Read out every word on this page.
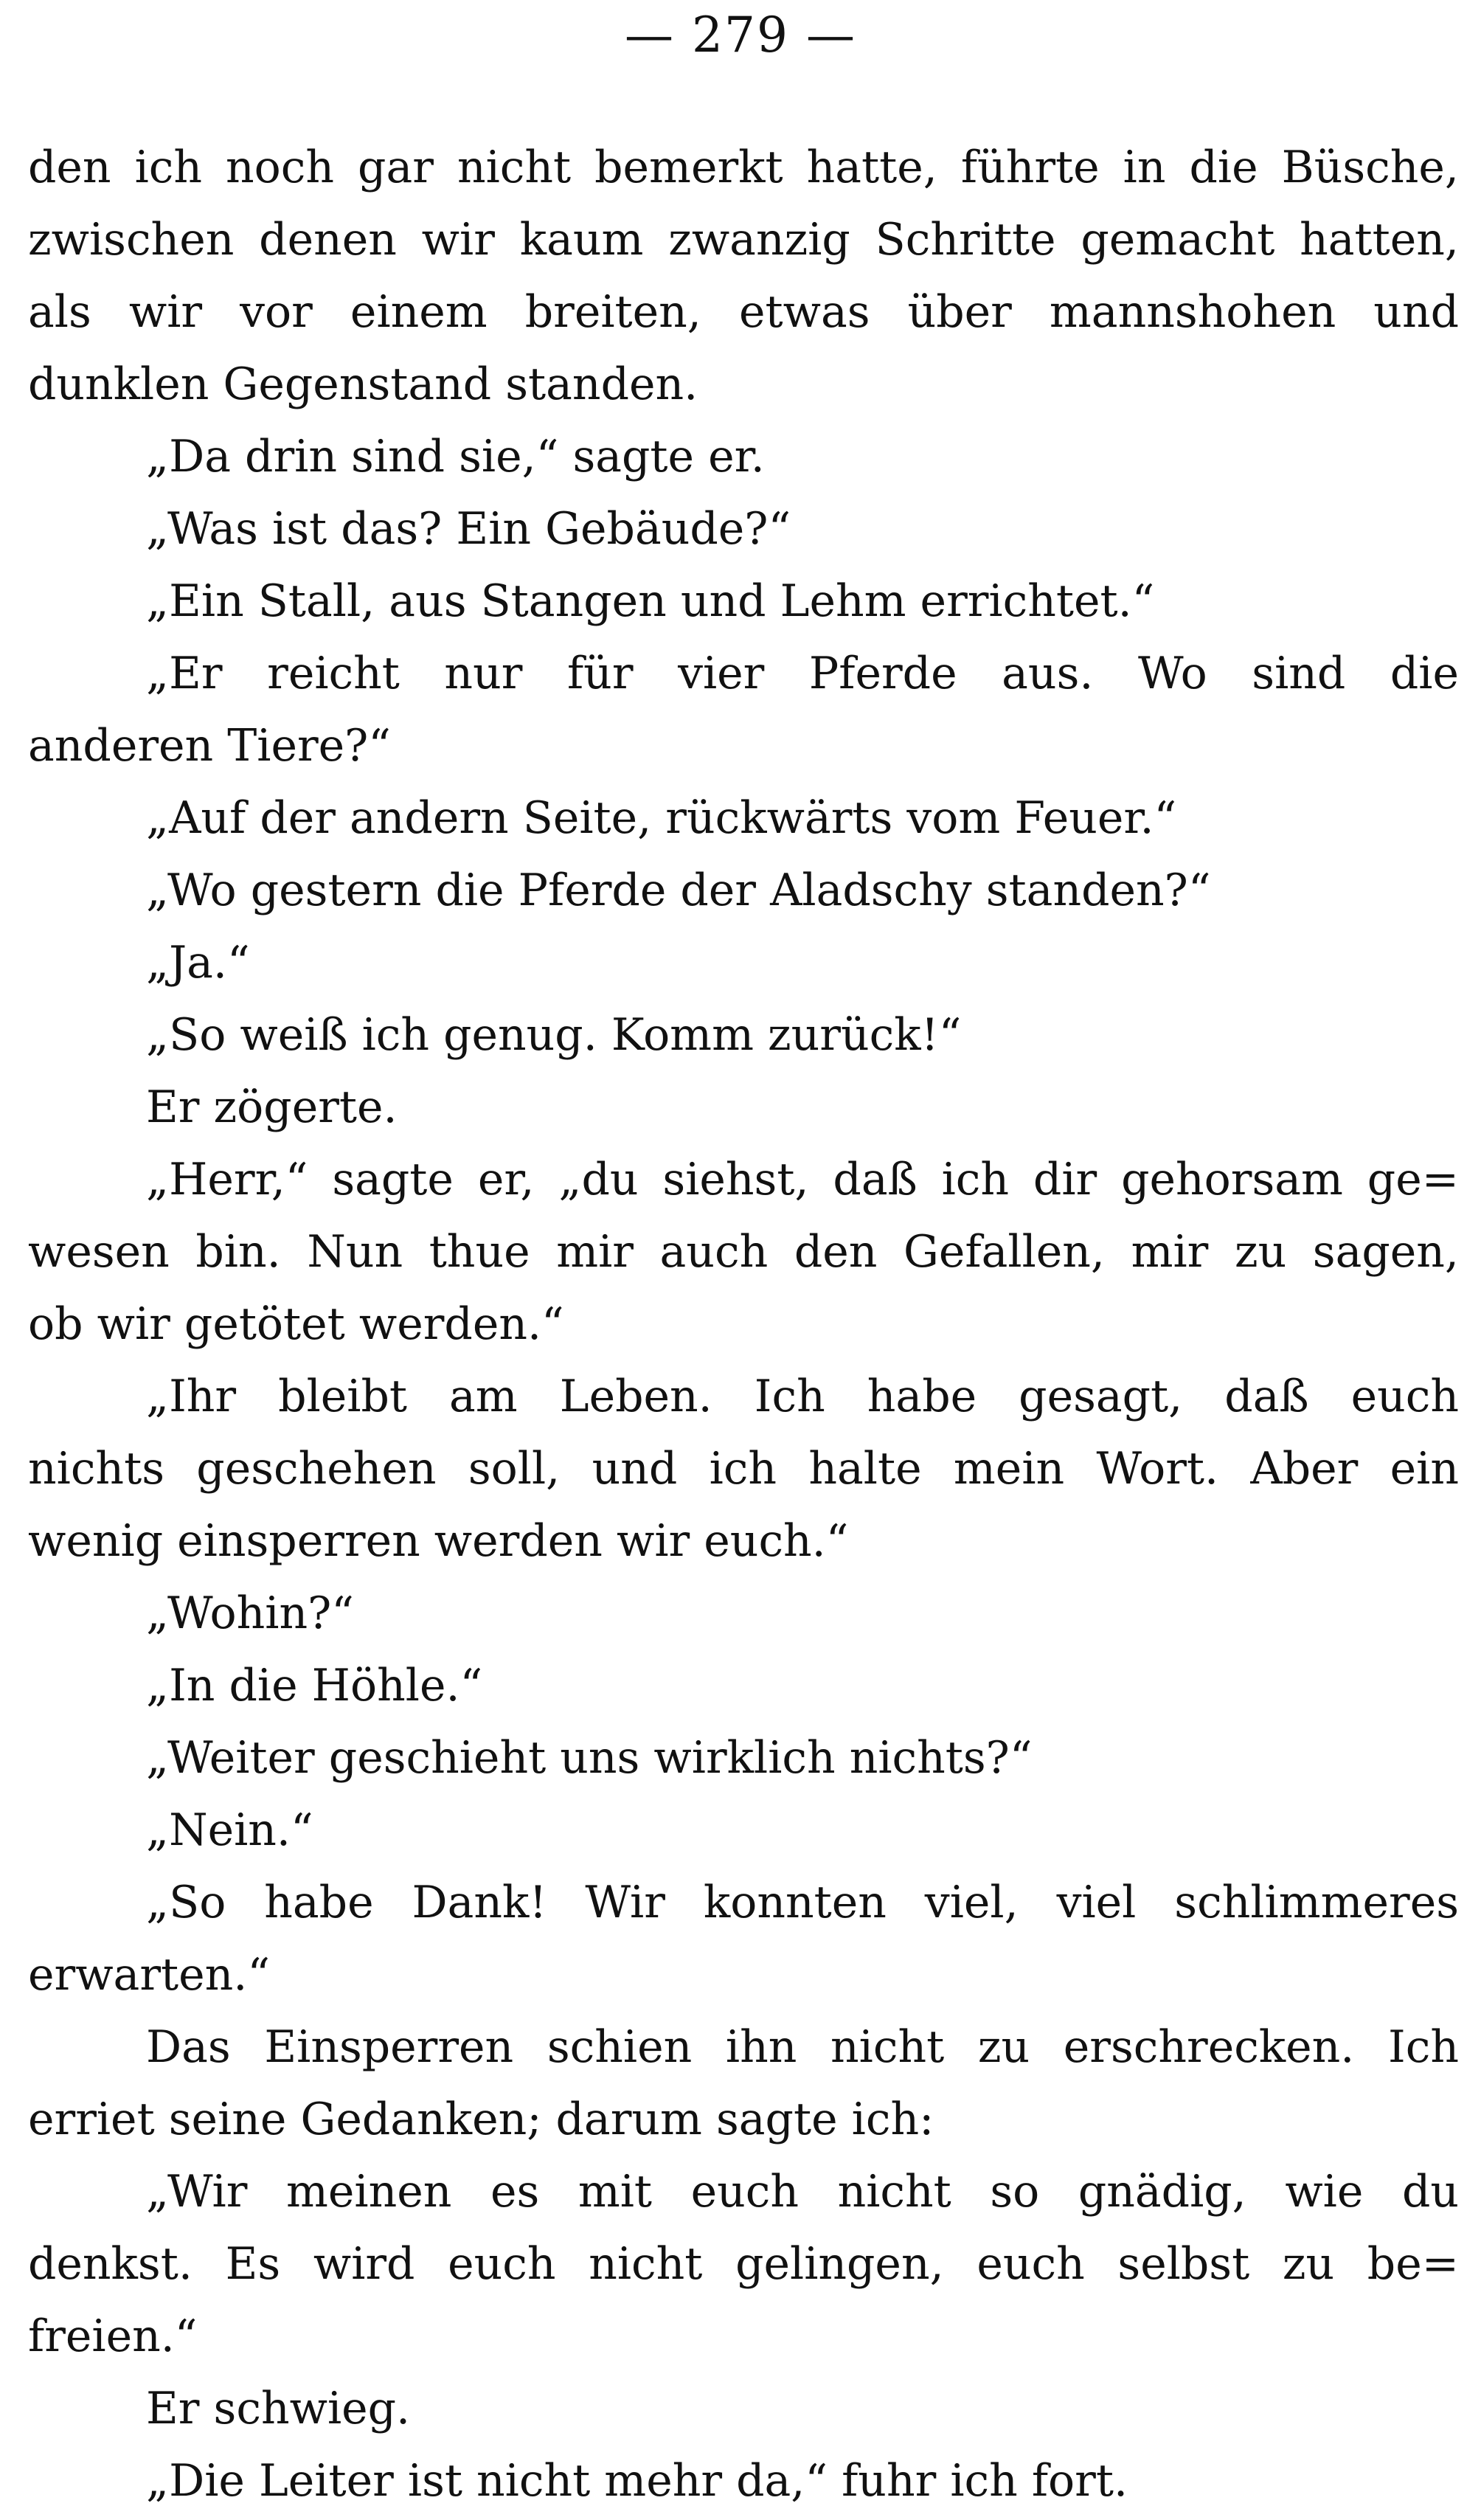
— 279 —
den ich noch gar nicht bemerkt hatte, führte in die Büsche,
zwischen denen wir kaum zwanzig Schritte gemacht hatten,
als wir vor einem breiten, etwas über mannshohen und
dunklen Gegenstand standen.
„Da drin sind sie,“ sagte er.
„Was ist das? Ein Gebäude?“
„Ein Stall, aus Stangen und Lehm errichtet.“
„Er reicht nur für vier Pferde aus. Wo sind die
anderen Tiere?“
„Auf der andern Seite, rückwärts vom Feuer.“
„Wo gestern die Pferde der Aladschy standen?“
„Ja.“
„So weiß ich genug. Komm zurück!“
Er zögerte.
„Herr,“ sagte er, „du siehst, daß ich dir gehorsam ge=
wesen bin. Nun thue mir auch den Gefallen, mir zu sagen,
ob wir getötet werden.“
„Ihr bleibt am Leben. Ich habe gesagt, daß euch
nichts geschehen soll, und ich halte mein Wort. Aber ein
wenig einsperren werden wir euch.“
„Wohin?“
„In die Höhle.“
„Weiter geschieht uns wirklich nichts?“
„Nein.“
„So habe Dank! Wir konnten viel, viel schlimmeres
erwarten.“
Das Einsperren schien ihn nicht zu erschrecken. Ich
erriet seine Gedanken; darum sagte ich:
„Wir meinen es mit euch nicht so gnädig, wie du
denkst. Es wird euch nicht gelingen, euch selbst zu be=
freien.“
Er schwieg.
„Die Leiter ist nicht mehr da,“ fuhr ich fort.
